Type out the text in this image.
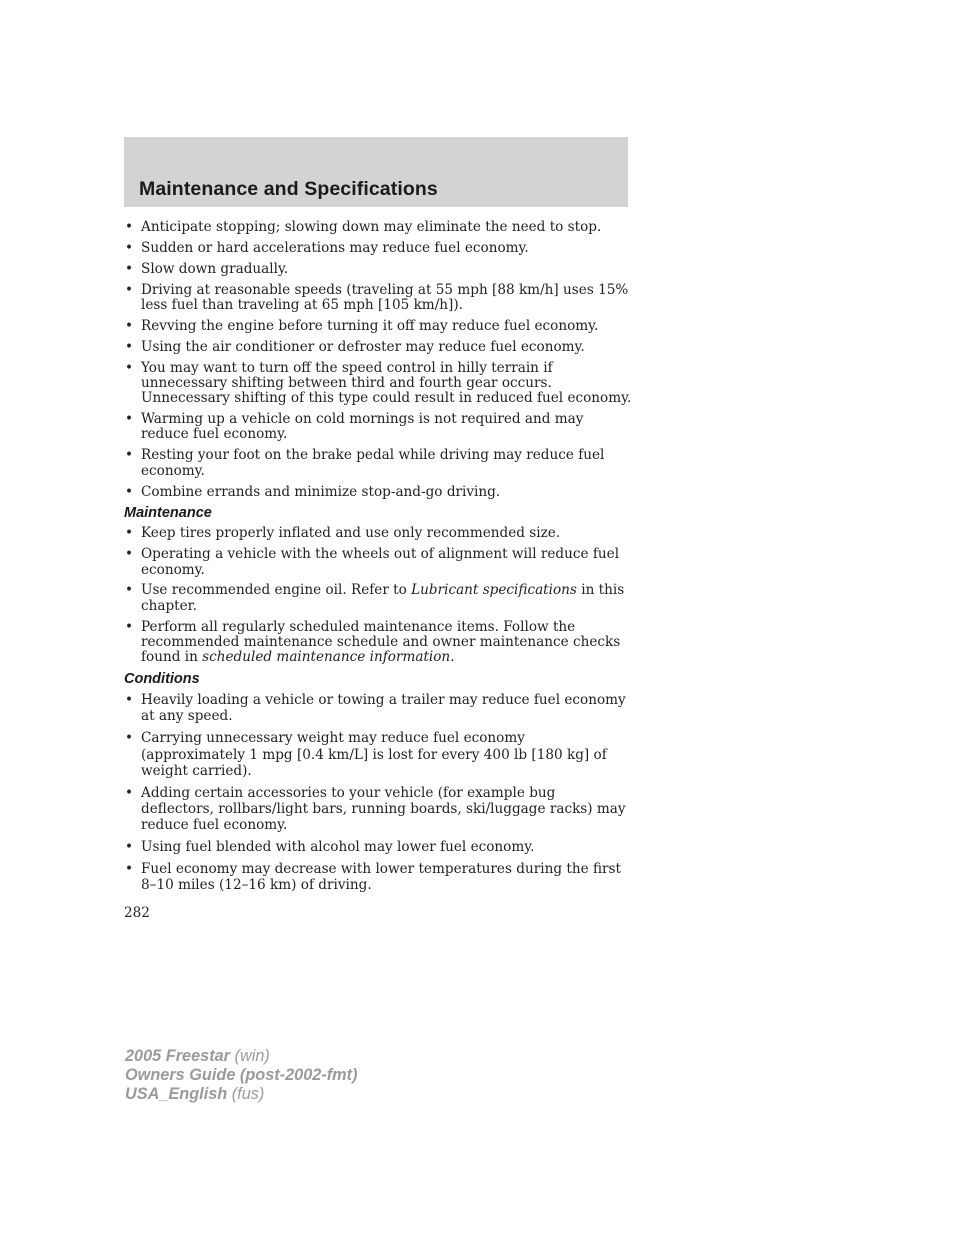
Maintenance and Specifications
• Anticipate stopping; slowing down may eliminate the need to stop.
• Sudden or hard accelerations may reduce fuel economy.
• Slow down gradually.
• Driving at reasonable speeds (traveling at 55 mph [88 km/h] uses 15% less fuel than traveling at 65 mph [105 km/h]).
• Revving the engine before turning it off may reduce fuel economy.
• Using the air conditioner or defroster may reduce fuel economy.
• You may want to turn off the speed control in hilly terrain if unnecessary shifting between third and fourth gear occurs. Unnecessary shifting of this type could result in reduced fuel economy.
• Warming up a vehicle on cold mornings is not required and may reduce fuel economy.
• Resting your foot on the brake pedal while driving may reduce fuel economy.
• Combine errands and minimize stop-and-go driving.
Maintenance
• Keep tires properly inflated and use only recommended size.
• Operating a vehicle with the wheels out of alignment will reduce fuel economy.
• Use recommended engine oil. Refer to Lubricant specifications in this chapter.
• Perform all regularly scheduled maintenance items. Follow the recommended maintenance schedule and owner maintenance checks found in scheduled maintenance information.
Conditions
• Heavily loading a vehicle or towing a trailer may reduce fuel economy at any speed.
• Carrying unnecessary weight may reduce fuel economy (approximately 1 mpg [0.4 km/L] is lost for every 400 lb [180 kg] of weight carried).
• Adding certain accessories to your vehicle (for example bug deflectors, rollbars/light bars, running boards, ski/luggage racks) may reduce fuel economy.
• Using fuel blended with alcohol may lower fuel economy.
• Fuel economy may decrease with lower temperatures during the first 8–10 miles (12–16 km) of driving.
282
2005 Freestar (win)
Owners Guide (post-2002-fmt)
USA_English (fus)
